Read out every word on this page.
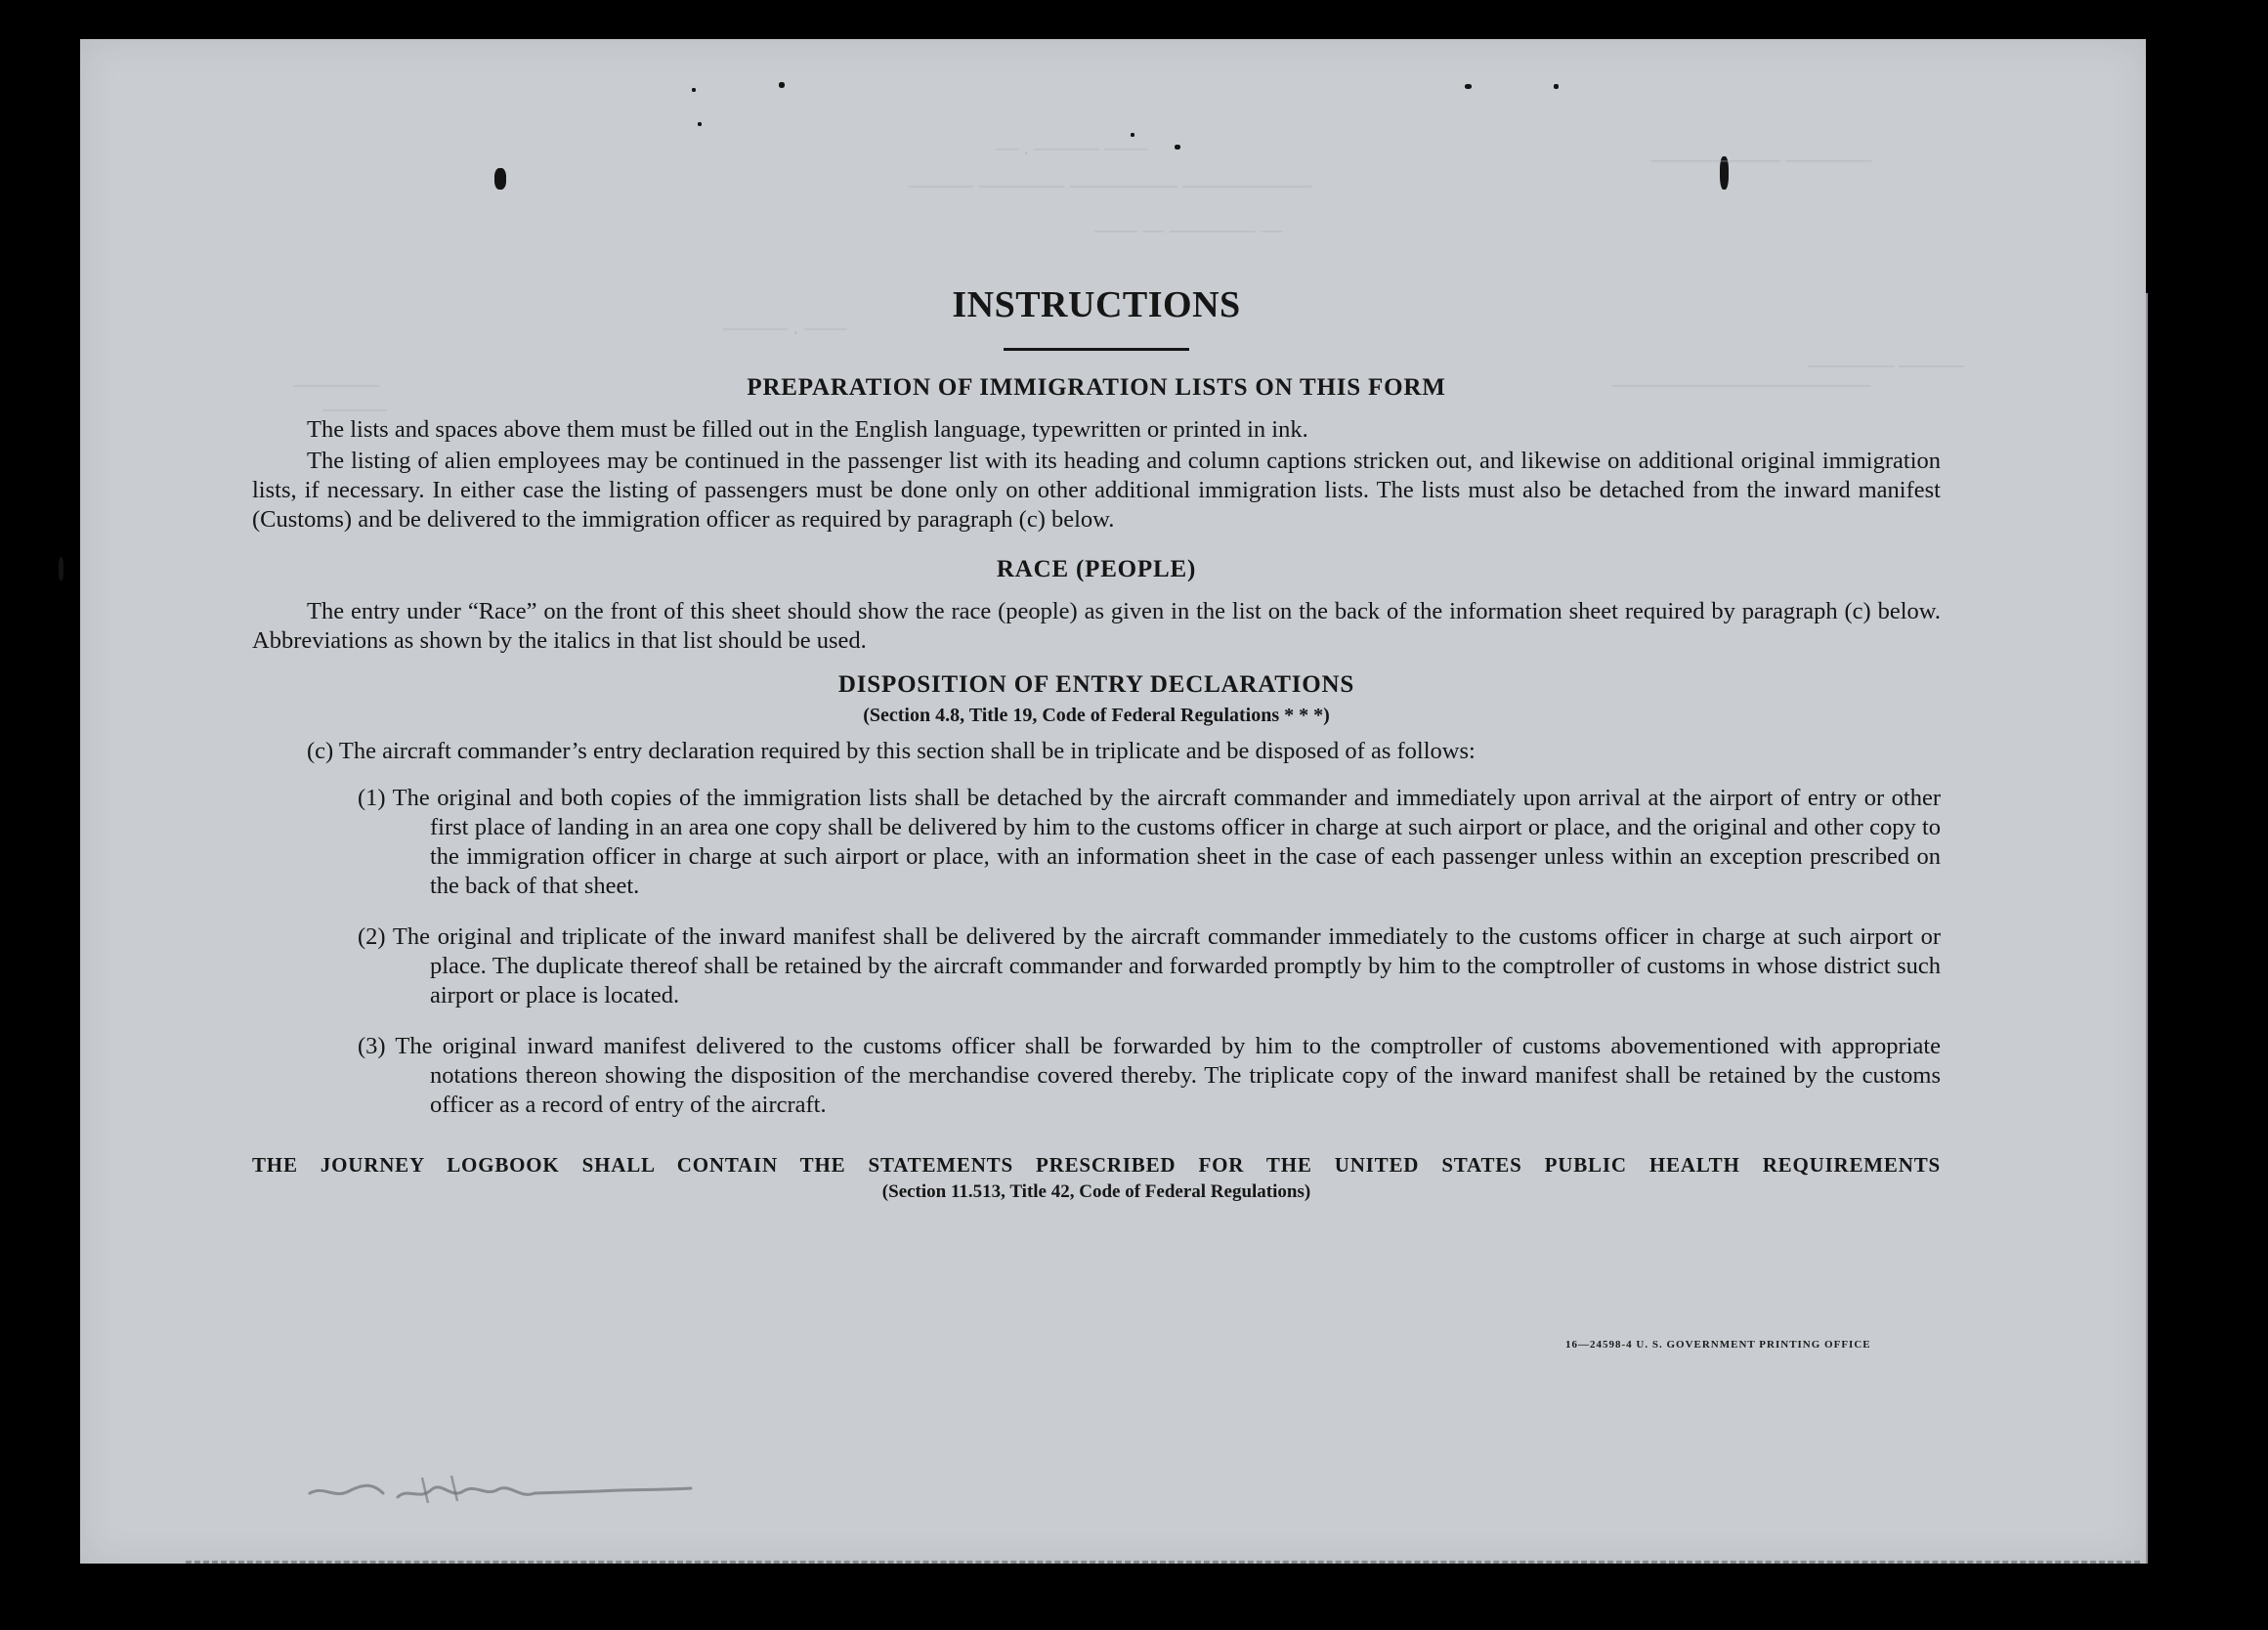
— . ——— ——
——— ———— ————— ——————
—— — ———— —
—————— ————
———— ———
————————————
————
———
——— . ——
INSTRUCTIONS
PREPARATION OF IMMIGRATION LISTS ON THIS FORM

The lists and spaces above them must be filled out in the English language, typewritten or printed in ink.

The listing of alien employees may be continued in the passenger list with its heading and column captions stricken out, and likewise on additional original immigration lists, if necessary. In either case the listing of passengers must be done only on other additional immigration lists. The lists must also be detached from the inward manifest (Customs) and be delivered to the immigration officer as required by paragraph (c) below.

RACE (PEOPLE)

The entry under “Race” on the front of this sheet should show the race (people) as given in the list on the back of the information sheet required by paragraph (c) below. Abbreviations as shown by the italics in that list should be used.

DISPOSITION OF ENTRY DECLARATIONS
(Section 4.8, Title 19, Code of Federal Regulations * * *)

(c) The aircraft commander’s entry declaration required by this section shall be in triplicate and be disposed of as follows:

(1) The original and both copies of the immigration lists shall be detached by the aircraft commander and immediately upon arrival at the airport of entry or other first place of landing in an area one copy shall be delivered by him to the customs officer in charge at such airport or place, and the original and other copy to the immigration officer in charge at such airport or place, with an information sheet in the case of each passenger unless within an exception prescribed on the back of that sheet.

(2) The original and triplicate of the inward manifest shall be delivered by the aircraft commander immediately to the customs officer in charge at such airport or place. The duplicate thereof shall be retained by the aircraft commander and forwarded promptly by him to the comptroller of customs in whose district such airport or place is located.

(3) The original inward manifest delivered to the customs officer shall be forwarded by him to the comptroller of customs abovementioned with appropriate notations thereon showing the disposition of the merchandise covered thereby. The triplicate copy of the inward manifest shall be retained by the customs officer as a record of entry of the aircraft.

THE JOURNEY LOGBOOK SHALL CONTAIN THE STATEMENTS PRESCRIBED FOR THE UNITED STATES PUBLIC HEALTH REQUIREMENTS

(Section 11.513, Title 42, Code of Federal Regulations)

16—24598‑4 U. S. GOVERNMENT PRINTING OFFICE
